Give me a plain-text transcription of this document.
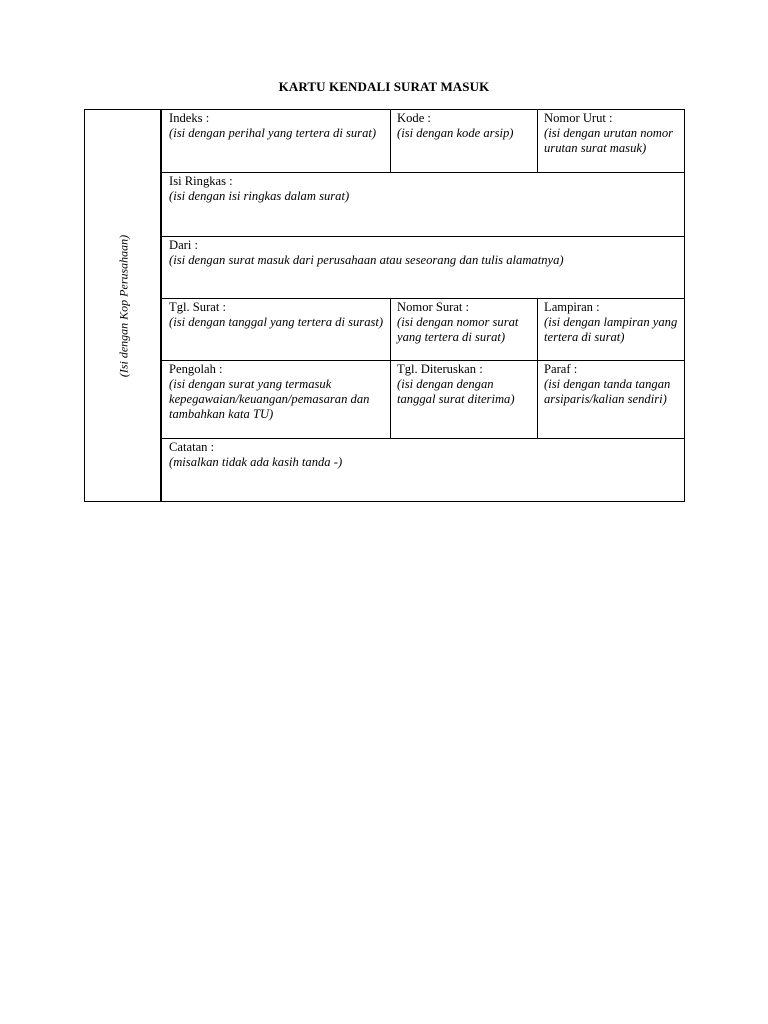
KARTU KENDALI SURAT MASUK
(Isi dengan Kop Perusahaan)
Indeks :
(isi dengan perihal yang tertera di surat)
Kode :
(isi dengan kode arsip)
Nomor Urut :
(isi dengan urutan nomor urutan surat masuk)
Isi Ringkas :
(isi dengan isi ringkas dalam surat)
Dari :
(isi dengan surat masuk dari perusahaan atau seseorang dan tulis alamatnya)
Tgl. Surat :
(isi dengan tanggal yang tertera di surast)
Nomor Surat :
(isi dengan nomor surat yang tertera di surat)
Lampiran :
(isi dengan lampiran yang tertera di surat)
Pengolah :
(isi dengan surat yang termasuk kepegawaian/keuangan/pemasaran dan tambahkan kata TU)
Tgl. Diteruskan :
(isi dengan dengan tanggal surat diterima)
Paraf :
(isi dengan tanda tangan arsiparis/kalian sendiri)
Catatan :
(misalkan tidak ada kasih tanda -)
